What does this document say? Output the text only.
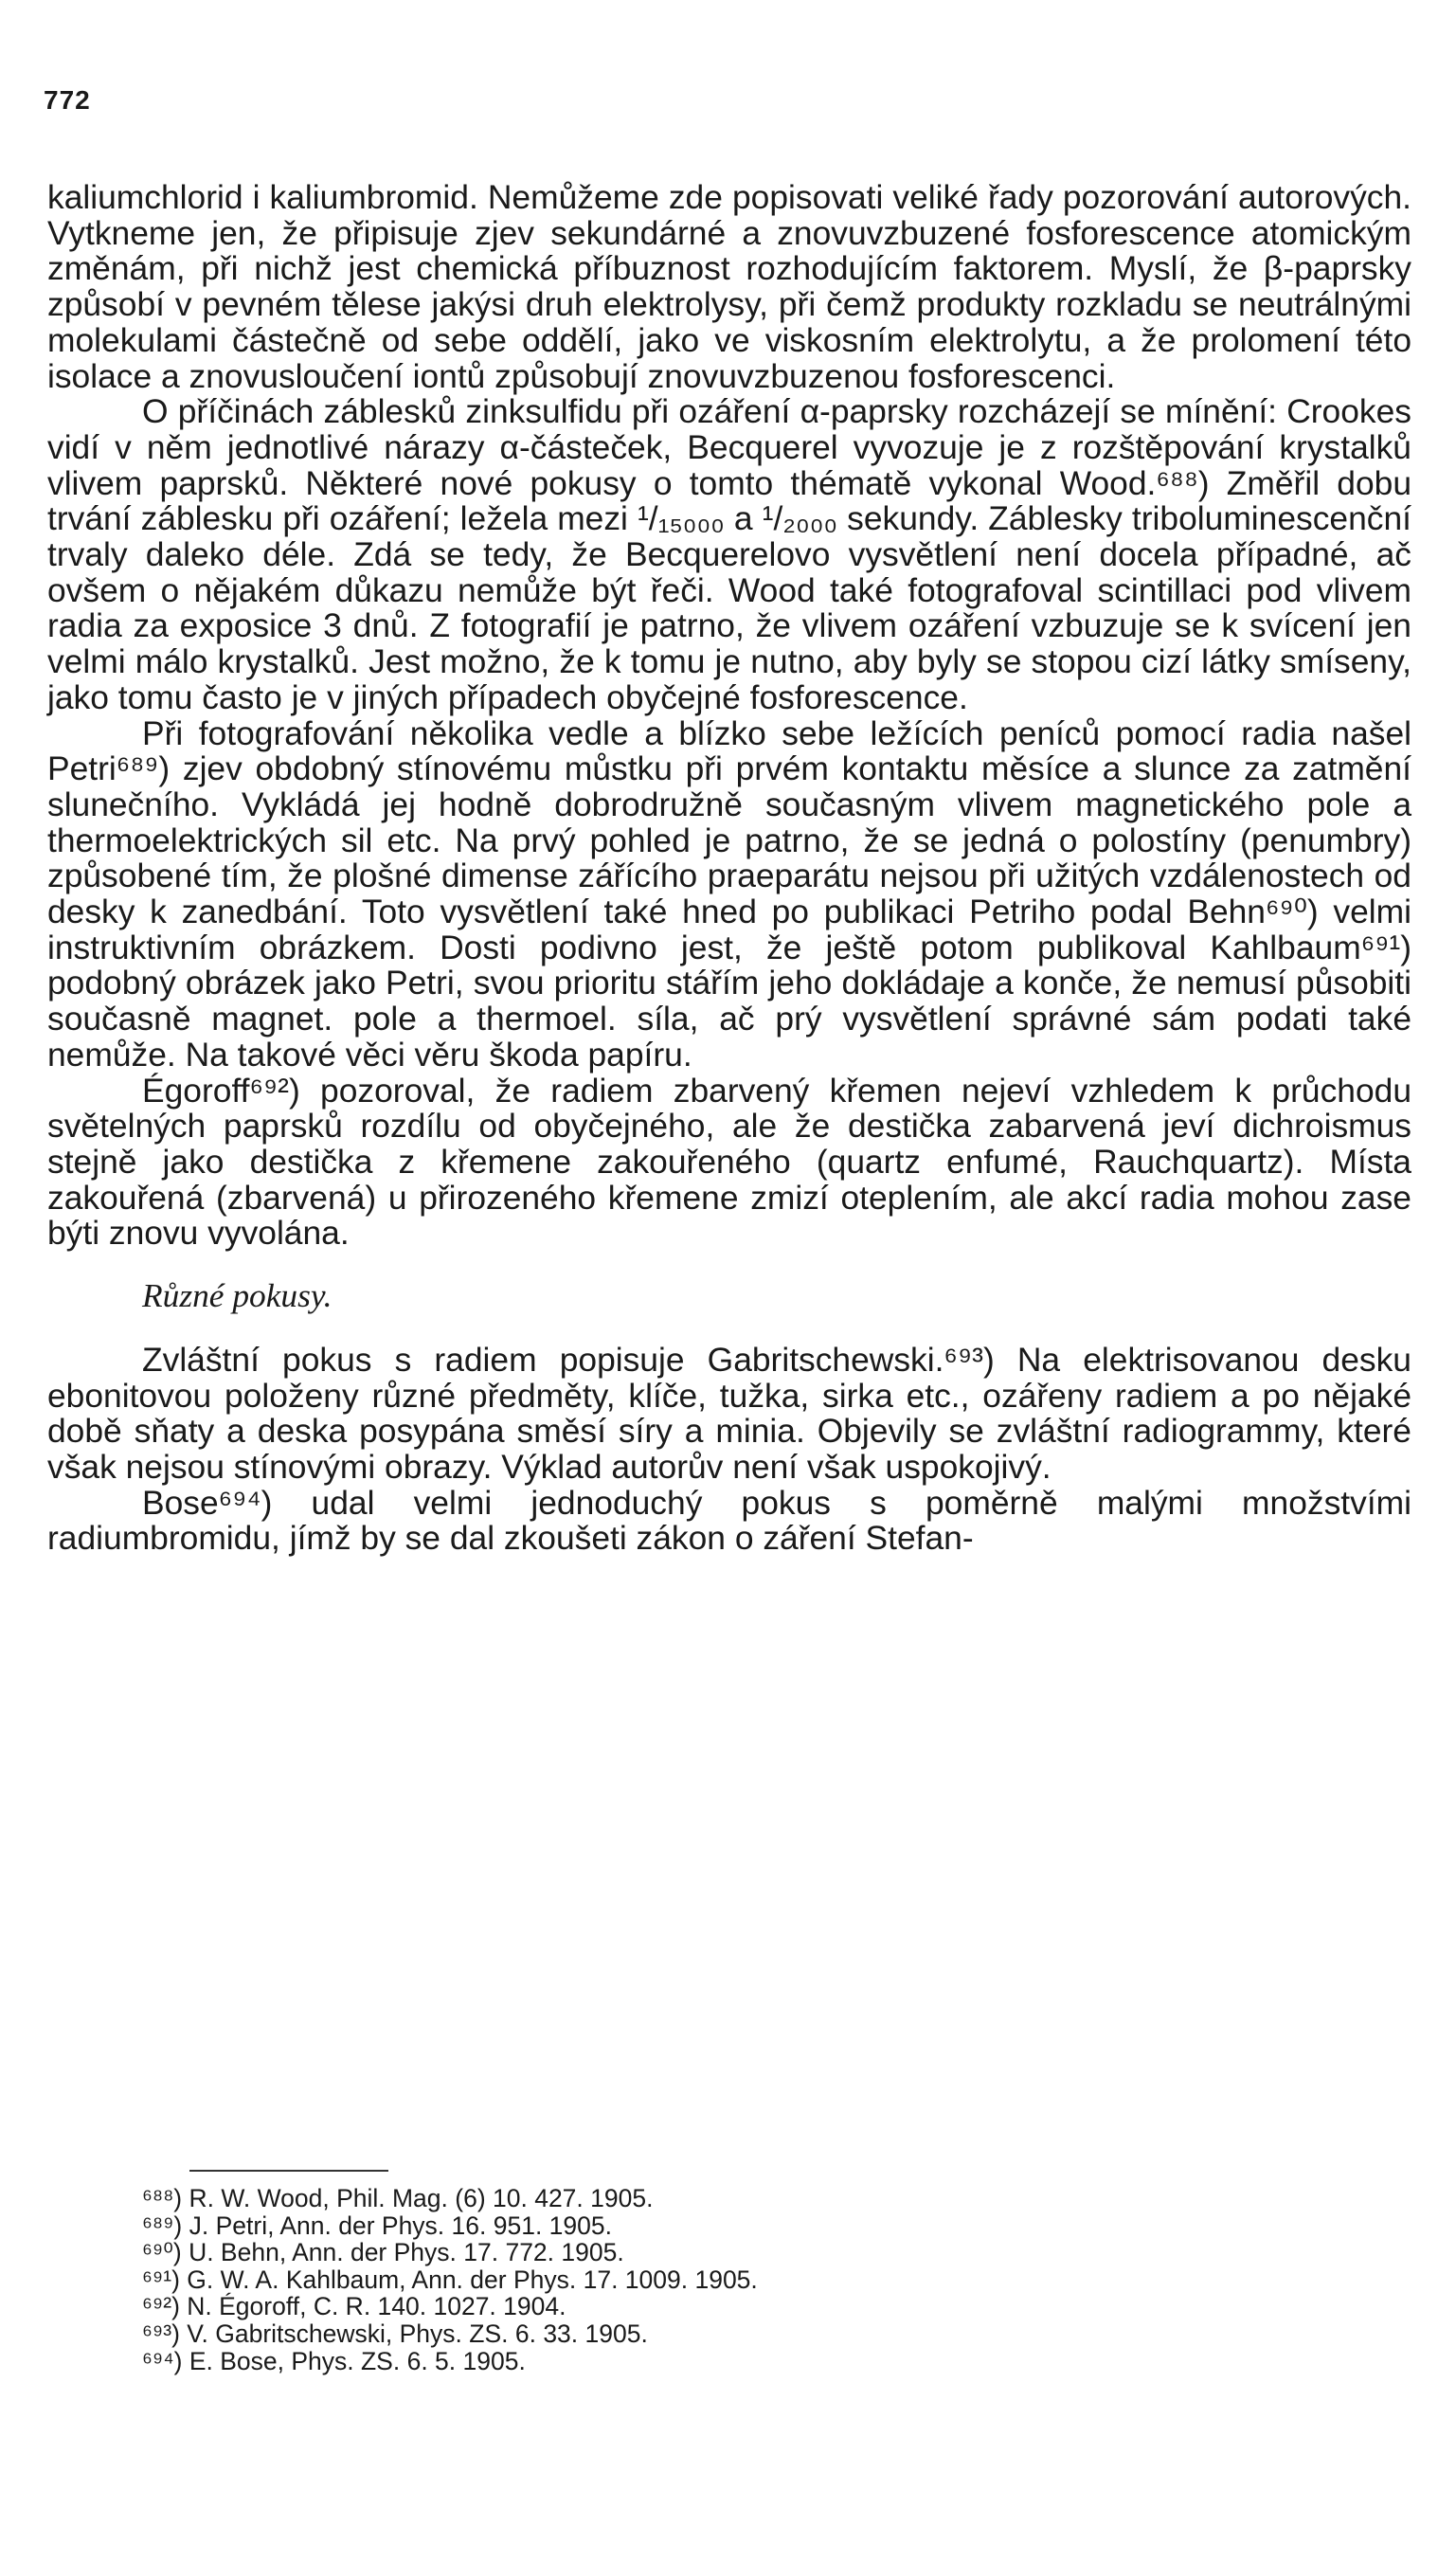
772

kaliumchlorid i kaliumbromid. Nemůžeme zde popisovati veliké řady pozorování autorových. Vytkneme jen, že připisuje zjev sekundárné a znovuvzbuzené fosforescence atomickým změnám, při nichž jest chemická příbuznost rozhodujícím faktorem. Myslí, že β-paprsky způsobí v pevném tělese jakýsi druh elektrolysy, při čemž produkty rozkladu se neutrálnými molekulami částečně od sebe oddělí, jako ve viskosním elektrolytu, a že prolomení této isolace a znovusloučení iontů způsobují znovuvzbuzenou fosforescenci.

O příčinách záblesků zinksulfidu při ozáření α-paprsky rozcházejí se mínění: Crookes vidí v něm jednotlivé nárazy α-částeček, Becquerel vyvozuje je z rozštěpování krystalků vlivem paprsků. Některé nové pokusy o tomto thématě vykonal Wood.⁶⁸⁸) Změřil dobu trvání záblesku při ozáření; ležela mezi ¹/₁₅₀₀₀ a ¹/₂₀₀₀ sekundy. Záblesky triboluminescenční trvaly daleko déle. Zdá se tedy, že Becquerelovo vysvětlení není docela případné, ač ovšem o nějakém důkazu nemůže být řeči. Wood také fotografoval scintillaci pod vlivem radia za exposice 3 dnů. Z fotografií je patrno, že vlivem ozáření vzbuzuje se k svícení jen velmi málo krystalků. Jest možno, že k tomu je nutno, aby byly se stopou cizí látky smíseny, jako tomu často je v jiných případech obyčejné fosforescence.

Při fotografování několika vedle a blízko sebe ležících peníců pomocí radia našel Petri⁶⁸⁹) zjev obdobný stínovému můstku při prvém kontaktu měsíce a slunce za zatmění slunečního. Vykládá jej hodně dobrodružně současným vlivem magnetického pole a thermoelektrických sil etc. Na prvý pohled je patrno, že se jedná o polostíny (penumbry) způsobené tím, že plošné dimense zářícího praeparátu nejsou při užitých vzdálenostech od desky k zanedbání. Toto vysvětlení také hned po publikaci Petriho podal Behn⁶⁹⁰) velmi instruktivním obrázkem. Dosti podivno jest, že ještě potom publikoval Kahlbaum⁶⁹¹) podobný obrázek jako Petri, svou prioritu stářím jeho dokládaje a konče, že nemusí působiti současně magnet. pole a thermoel. síla, ač prý vysvětlení správné sám podati také nemůže. Na takové věci věru škoda papíru.

Égoroff⁶⁹²) pozoroval, že radiem zbarvený křemen nejeví vzhledem k průchodu světelných paprsků rozdílu od obyčejného, ale že destička zabarvená jeví dichroismus stejně jako destička z křemene zakouřeného (quartz enfumé, Rauchquartz). Místa zakouřená (zbarvená) u přirozeného křemene zmizí oteplením, ale akcí radia mohou zase býti znovu vyvolána.

Různé pokusy.

Zvláštní pokus s radiem popisuje Gabritschewski.⁶⁹³) Na elektrisovanou desku ebonitovou položeny různé předměty, klíče, tužka, sirka etc., ozářeny radiem a po nějaké době sňaty a deska posypána směsí síry a minia. Objevily se zvláštní radiogrammy, které však nejsou stínovými obrazy. Výklad autorův není však uspokojivý.

Bose⁶⁹⁴) udal velmi jednoduchý pokus s poměrně malými množstvími radiumbromidu, jímž by se dal zkoušeti zákon o záření Stefan-

⁶⁸⁸) R. W. Wood, Phil. Mag. (6) 10. 427. 1905.

⁶⁸⁹) J. Petri, Ann. der Phys. 16. 951. 1905.

⁶⁹⁰) U. Behn, Ann. der Phys. 17. 772. 1905.

⁶⁹¹) G. W. A. Kahlbaum, Ann. der Phys. 17. 1009. 1905.

⁶⁹²) N. Égoroff, C. R. 140. 1027. 1904.

⁶⁹³) V. Gabritschewski, Phys. ZS. 6. 33. 1905.

⁶⁹⁴) E. Bose, Phys. ZS. 6. 5. 1905.
